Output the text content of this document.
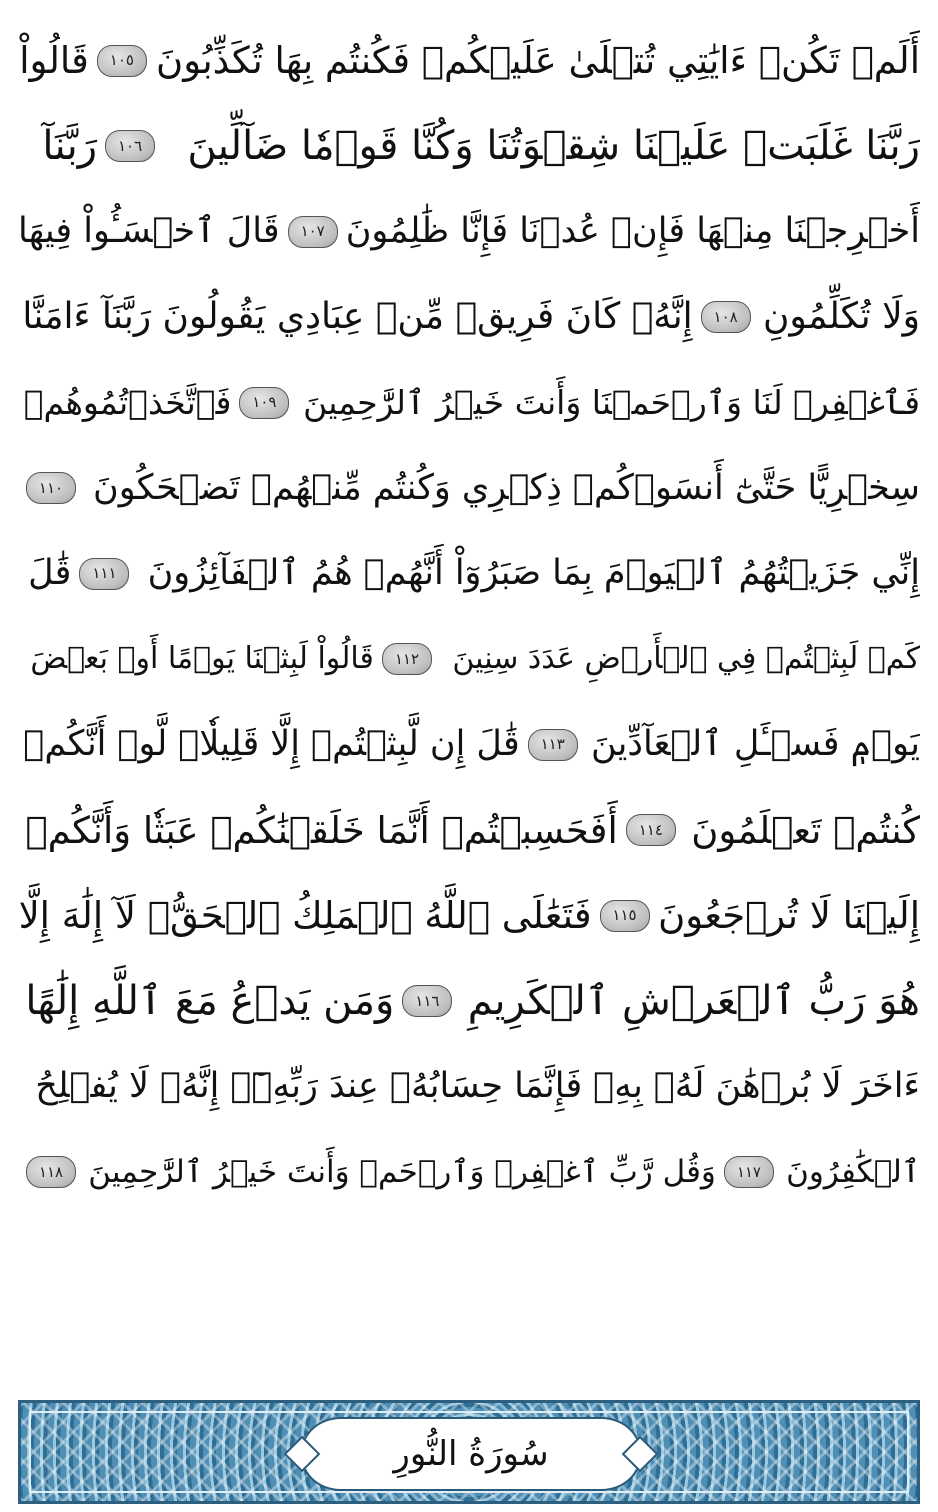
أَلَمۡ تَكُنۡ ءَايَٰتِي تُتۡلَىٰ عَلَيۡكُمۡ فَكُنتُم بِهَا تُكَذِّبُونَ
١٠٥
قَالُواْ
رَبَّنَا غَلَبَتۡ عَلَيۡنَا شِقۡوَتُنَا وَكُنَّا قَوۡمٗا ضَآلِّينَ
١٠٦
رَبَّنَآ
أَخۡرِجۡنَا مِنۡهَا فَإِنۡ عُدۡنَا فَإِنَّا ظَٰلِمُونَ
١٠٧
قَالَ ٱخۡسَـُٔواْ فِيهَا
وَلَا تُكَلِّمُونِ
١٠٨
إِنَّهُۥ كَانَ فَرِيقٞ مِّنۡ عِبَادِي يَقُولُونَ رَبَّنَآ ءَامَنَّا
فَٱغۡفِرۡ لَنَا وَٱرۡحَمۡنَا وَأَنتَ خَيۡرُ ٱلرَّٰحِمِينَ
١٠٩
فَٱتَّخَذۡتُمُوهُمۡ
سِخۡرِيًّا حَتَّىٰٓ أَنسَوۡكُمۡ ذِكۡرِي وَكُنتُم مِّنۡهُمۡ تَضۡحَكُونَ
١١٠
إِنِّي جَزَيۡتُهُمُ ٱلۡيَوۡمَ بِمَا صَبَرُوٓاْ أَنَّهُمۡ هُمُ ٱلۡفَآئِزُونَ
١١١
قَٰلَ
كَمۡ لَبِثۡتُمۡ فِي ٱلۡأَرۡضِ عَدَدَ سِنِينَ
١١٢
قَالُواْ لَبِثۡنَا يَوۡمًا أَوۡ بَعۡضَ
يَوۡمٖ فَسۡـَٔلِ ٱلۡعَآدِّينَ
١١٣
قَٰلَ إِن لَّبِثۡتُمۡ إِلَّا قَلِيلٗاۖ لَّوۡ أَنَّكُمۡ
كُنتُمۡ تَعۡلَمُونَ
١١٤
أَفَحَسِبۡتُمۡ أَنَّمَا خَلَقۡنَٰكُمۡ عَبَثٗا وَأَنَّكُمۡ
إِلَيۡنَا لَا تُرۡجَعُونَ
١١٥
فَتَعَٰلَى ٱللَّهُ ٱلۡمَلِكُ ٱلۡحَقُّۖ لَآ إِلَٰهَ إِلَّا
هُوَ رَبُّ ٱلۡعَرۡشِ ٱلۡكَرِيمِ
١١٦
وَمَن يَدۡعُ مَعَ ٱللَّهِ إِلَٰهًا
ءَاخَرَ لَا بُرۡهَٰنَ لَهُۥ بِهِۦ فَإِنَّمَا حِسَابُهُۥ عِندَ رَبِّهِۦٓۚ إِنَّهُۥ لَا يُفۡلِحُ
ٱلۡكَٰفِرُونَ
١١٧
وَقُل رَّبِّ ٱغۡفِرۡ وَٱرۡحَمۡ وَأَنتَ خَيۡرُ ٱلرَّٰحِمِينَ
١١٨
سُورَةُ النُّورِ
